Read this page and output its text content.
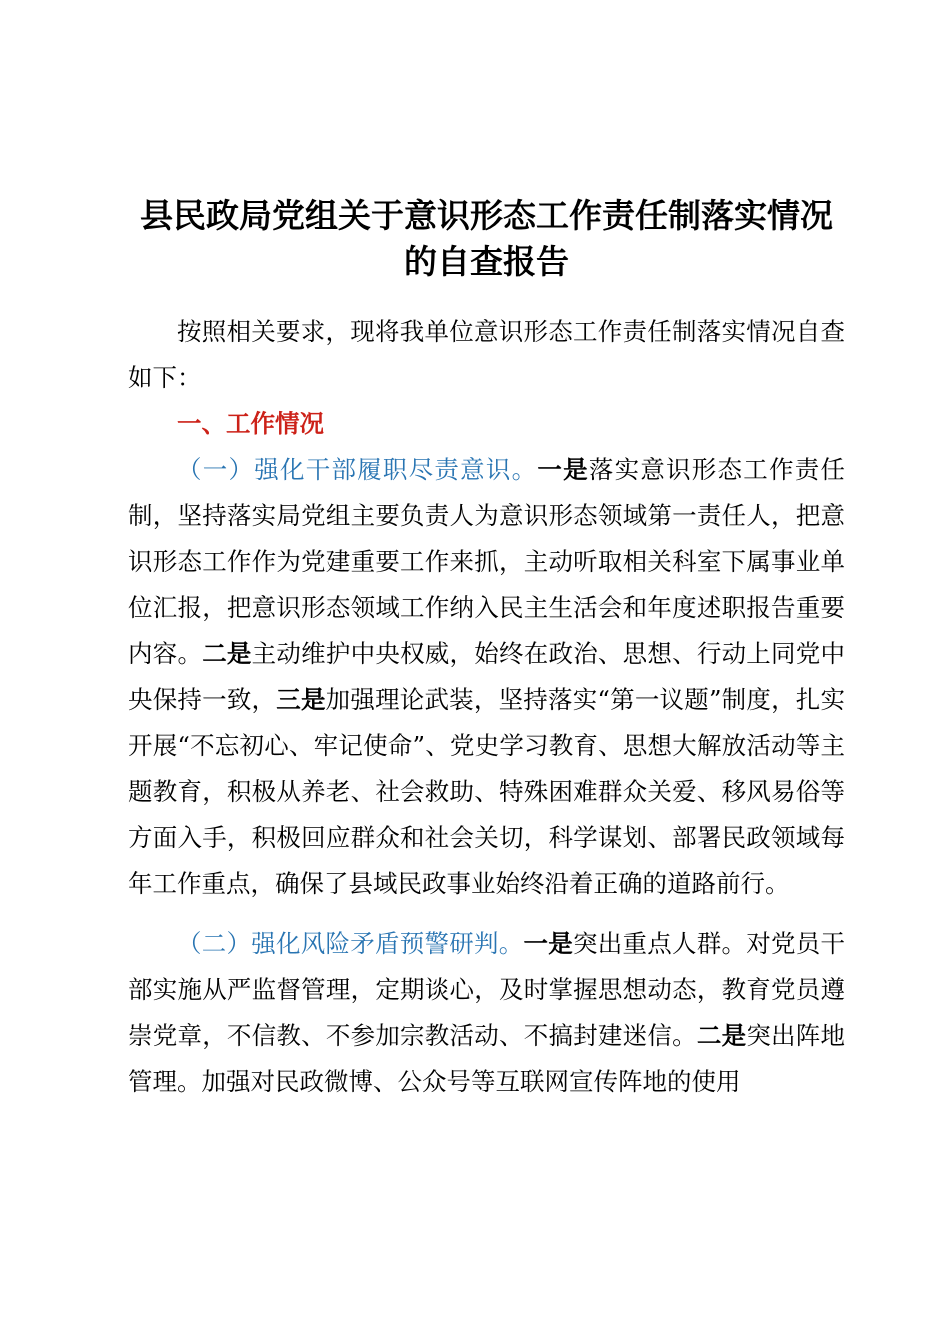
县民政局党组关于意识形态工作责任制落实情况的自查报告

按照相关要求，现将我单位意识形态工作责任制落实情况自查如下：

一、工作情况

（一）强化干部履职尽责意识。一是落实意识形态工作责任制，坚持落实局党组主要负责人为意识形态领域第一责任人，把意识形态工作作为党建重要工作来抓，主动听取相关科室下属事业单位汇报，把意识形态领域工作纳入民主生活会和年度述职报告重要内容。二是主动维护中央权威，始终在政治、思想、行动上同党中央保持一致，三是加强理论武装，坚持落实“第一议题”制度，扎实开展“不忘初心、牢记使命”、党史学习教育、思想大解放活动等主题教育，积极从养老、社会救助、特殊困难群众关爱、移风易俗等方面入手，积极回应群众和社会关切，科学谋划、部署民政领域每年工作重点，确保了县域民政事业始终沿着正确的道路前行。

（二）强化风险矛盾预警研判。一是突出重点人群。对党员干部实施从严监督管理，定期谈心，及时掌握思想动态，教育党员遵崇党章，不信教、不参加宗教活动、不搞封建迷信。二是突出阵地管理。加强对民政微博、公众号等互联网宣传阵地的使用
